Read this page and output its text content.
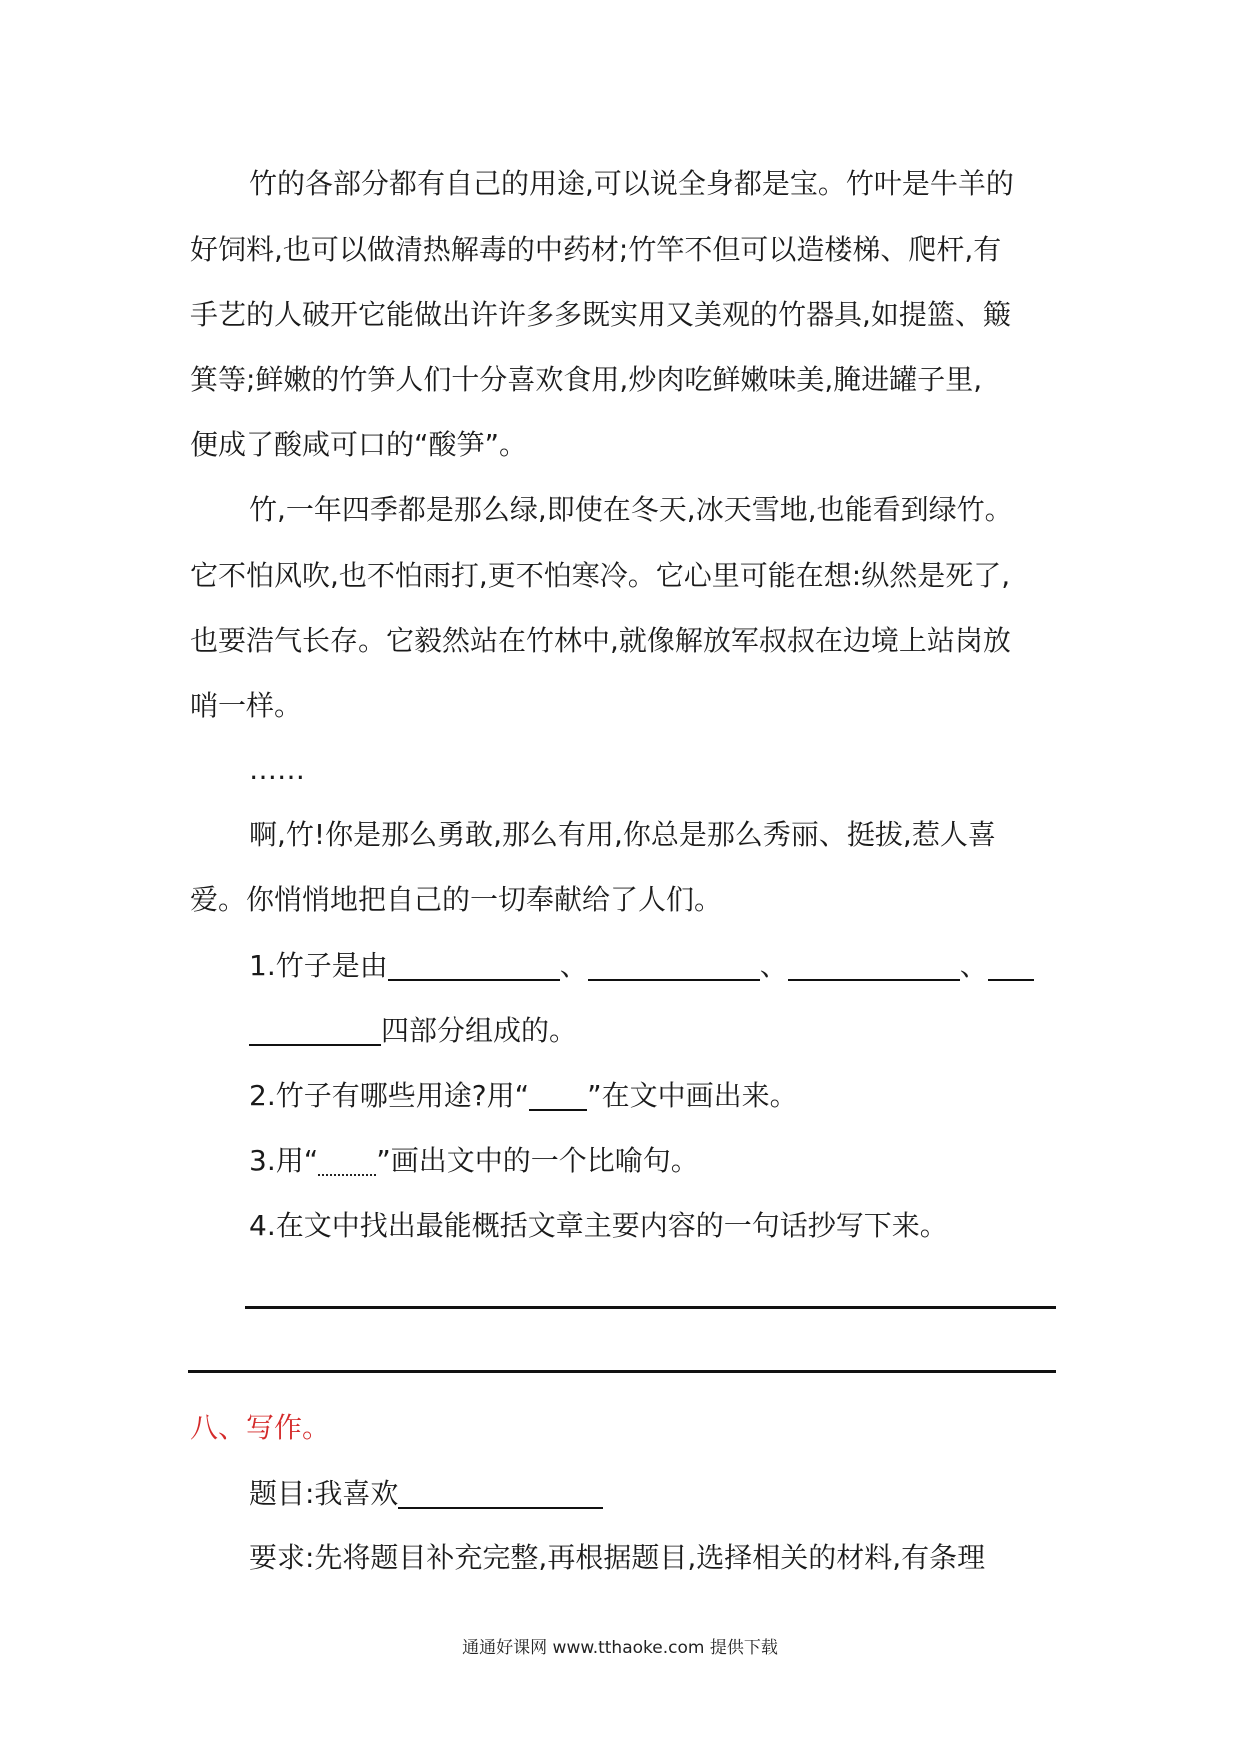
竹的各部分都有自己的用途,可以说全身都是宝。竹叶是牛羊的
好饲料,也可以做清热解毒的中药材;竹竿不但可以造楼梯、爬杆,有
手艺的人破开它能做出许许多多既实用又美观的竹器具,如提篮、簸
箕等;鲜嫩的竹笋人们十分喜欢食用,炒肉吃鲜嫩味美,腌进罐子里,
便成了酸咸可口的“酸笋”。
竹,一年四季都是那么绿,即使在冬天,冰天雪地,也能看到绿竹。
它不怕风吹,也不怕雨打,更不怕寒冷。它心里可能在想:纵然是死了,
也要浩气长存。它毅然站在竹林中,就像解放军叔叔在边境上站岗放
哨一样。
……
啊,竹!你是那么勇敢,那么有用,你总是那么秀丽、挺拔,惹人喜
爱。你悄悄地把自己的一切奉献给了人们。
1.竹子是由	、	、	、
四部分组成的。
2.竹子有哪些用途?用“ ”在文中画出来。
3.用“ ”画出文中的一个比喻句。
4.在文中找出最能概括文章主要内容的一句话抄写下来。
八、写作。
题目:我喜欢
要求:先将题目补充完整,再根据题目,选择相关的材料,有条理
通通好课网 www.tthaoke.com 提供下载
